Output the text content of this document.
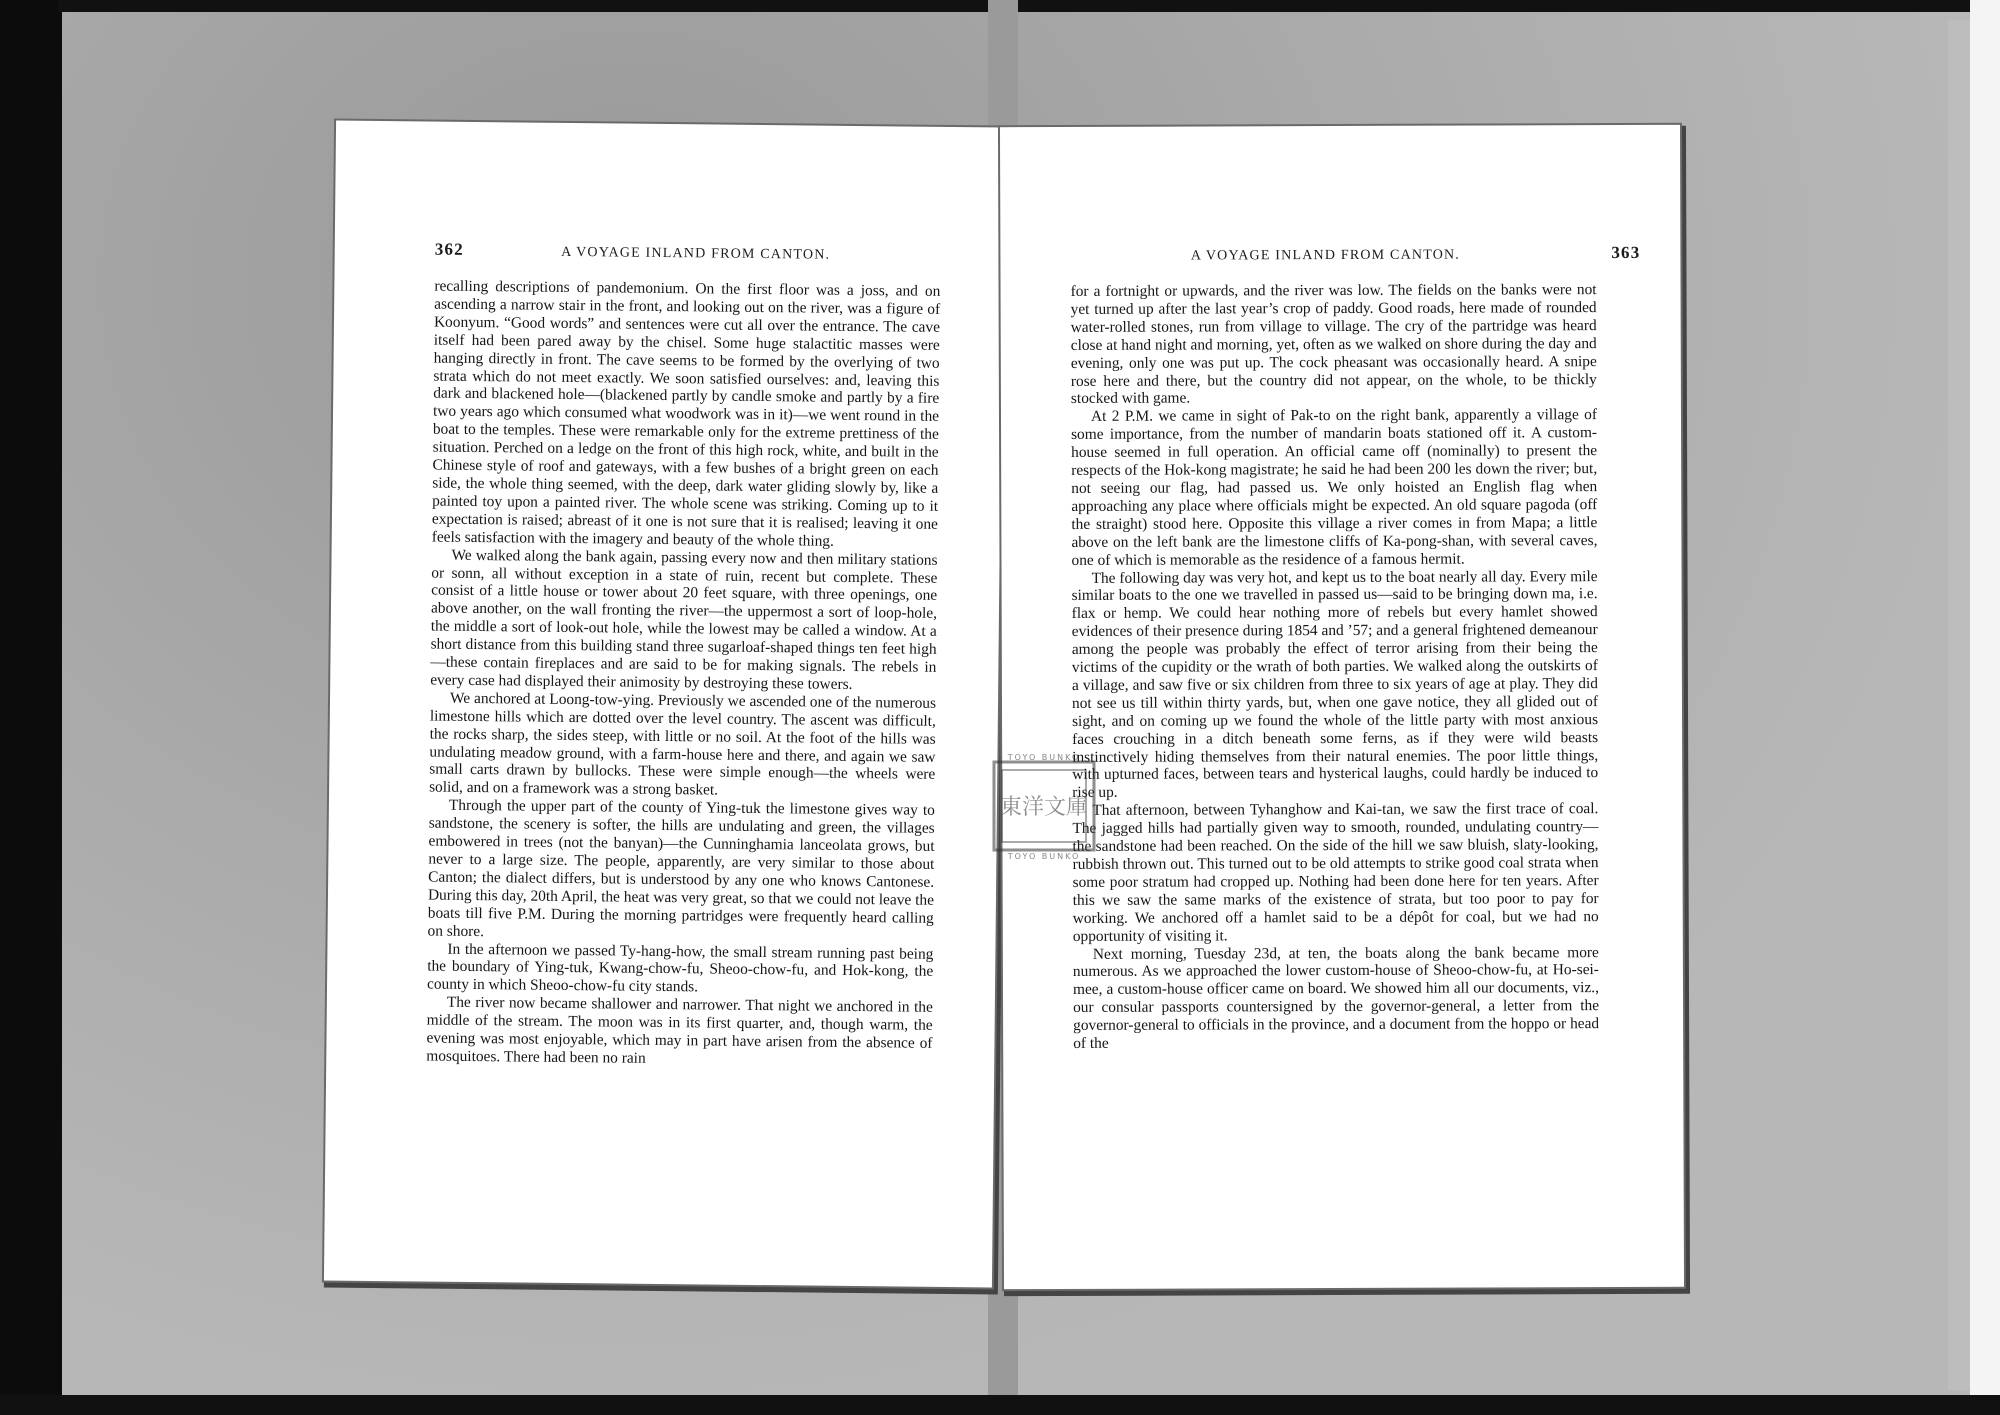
362	A VOYAGE INLAND FROM CANTON.

recalling descriptions of pandemonium. On the first floor was a joss, and on ascending a narrow stair in the front, and looking out on the river, was a figure of Koonyum. “Good words” and sentences were cut all over the entrance. The cave itself had been pared away by the chisel. Some huge stalactitic masses were hanging directly in front. The cave seems to be formed by the overlying of two strata which do not meet exactly. We soon satisfied ourselves: and, leaving this dark and blackened hole—(blackened partly by candle smoke and partly by a fire two years ago which consumed what woodwork was in it)—we went round in the boat to the temples. These were remarkable only for the extreme prettiness of the situation. Perched on a ledge on the front of this high rock, white, and built in the Chinese style of roof and gateways, with a few bushes of a bright green on each side, the whole thing seemed, with the deep, dark water gliding slowly by, like a painted toy upon a painted river. The whole scene was striking. Coming up to it expectation is raised; abreast of it one is not sure that it is realised; leaving it one feels satisfaction with the imagery and beauty of the whole thing.

We walked along the bank again, passing every now and then military stations or sonn, all without exception in a state of ruin, recent but complete. These consist of a little house or tower about 20 feet square, with three openings, one above another, on the wall fronting the river—the uppermost a sort of loop-hole, the middle a sort of look-out hole, while the lowest may be called a window. At a short distance from this building stand three sugarloaf-shaped things ten feet high—these contain fireplaces and are said to be for making signals. The rebels in every case had displayed their animosity by destroying these towers.

We anchored at Loong-tow-ying. Previously we ascended one of the numerous limestone hills which are dotted over the level country. The ascent was difficult, the rocks sharp, the sides steep, with little or no soil. At the foot of the hills was undulating meadow ground, with a farm-house here and there, and again we saw small carts drawn by bullocks. These were simple enough—the wheels were solid, and on a framework was a strong basket.

Through the upper part of the county of Ying-tuk the limestone gives way to sandstone, the scenery is softer, the hills are undulating and green, the villages embowered in trees (not the banyan)—the Cunninghamia lanceolata grows, but never to a large size. The people, apparently, are very similar to those about Canton; the dialect differs, but is understood by any one who knows Cantonese. During this day, 20th April, the heat was very great, so that we could not leave the boats till five P.M. During the morning partridges were frequently heard calling on shore.

In the afternoon we passed Ty-hang-how, the small stream running past being the boundary of Ying-tuk, Kwang-chow-fu, Sheoo-chow-fu, and Hok-kong, the county in which Sheoo-chow-fu city stands.

The river now became shallower and narrower. That night we anchored in the middle of the stream. The moon was in its first quarter, and, though warm, the evening was most enjoyable, which may in part have arisen from the absence of mosquitoes. There had been no rain

A VOYAGE INLAND FROM CANTON.	363

for a fortnight or upwards, and the river was low. The fields on the banks were not yet turned up after the last year’s crop of paddy. Good roads, here made of rounded water-rolled stones, run from village to village. The cry of the partridge was heard close at hand night and morning, yet, often as we walked on shore during the day and evening, only one was put up. The cock pheasant was occasionally heard. A snipe rose here and there, but the country did not appear, on the whole, to be thickly stocked with game.

At 2 P.M. we came in sight of Pak-to on the right bank, apparently a village of some importance, from the number of mandarin boats stationed off it. A custom-house seemed in full operation. An official came off (nominally) to present the respects of the Hok-kong magistrate; he said he had been 200 les down the river; but, not seeing our flag, had passed us. We only hoisted an English flag when approaching any place where officials might be expected. An old square pagoda (off the straight) stood here. Opposite this village a river comes in from Mapa; a little above on the left bank are the limestone cliffs of Ka-pong-shan, with several caves, one of which is memorable as the residence of a famous hermit.

The following day was very hot, and kept us to the boat nearly all day. Every mile similar boats to the one we travelled in passed us—said to be bringing down ma, i.e. flax or hemp. We could hear nothing more of rebels but every hamlet showed evidences of their presence during 1854 and ’57; and a general frightened demeanour among the people was probably the effect of terror arising from their being the victims of the cupidity or the wrath of both parties. We walked along the outskirts of a village, and saw five or six children from three to six years of age at play. They did not see us till within thirty yards, but, when one gave notice, they all glided out of sight, and on coming up we found the whole of the little party with most anxious faces crouching in a ditch beneath some ferns, as if they were wild beasts instinctively hiding themselves from their natural enemies. The poor little things, with upturned faces, between tears and hysterical laughs, could hardly be induced to rise up.

That afternoon, between Tyhanghow and Kai-tan, we saw the first trace of coal. The jagged hills had partially given way to smooth, rounded, undulating country—the sandstone had been reached. On the side of the hill we saw bluish, slaty-looking, rubbish thrown out. This turned out to be old attempts to strike good coal strata when some poor stratum had cropped up. Nothing had been done here for ten years. After this we saw the same marks of the existence of strata, but too poor to pay for working. We anchored off a hamlet said to be a dépôt for coal, but we had no opportunity of visiting it.

Next morning, Tuesday 23d, at ten, the boats along the bank became more numerous. As we approached the lower custom-house of Sheoo-chow-fu, at Ho-sei-mee, a custom-house officer came on board. We showed him all our documents, viz., our consular passports countersigned by the governor-general, a letter from the governor-general to officials in the province, and a document from the hoppo or head of the

TOYO BUNKO
TOYO BUNKO
東洋文庫
